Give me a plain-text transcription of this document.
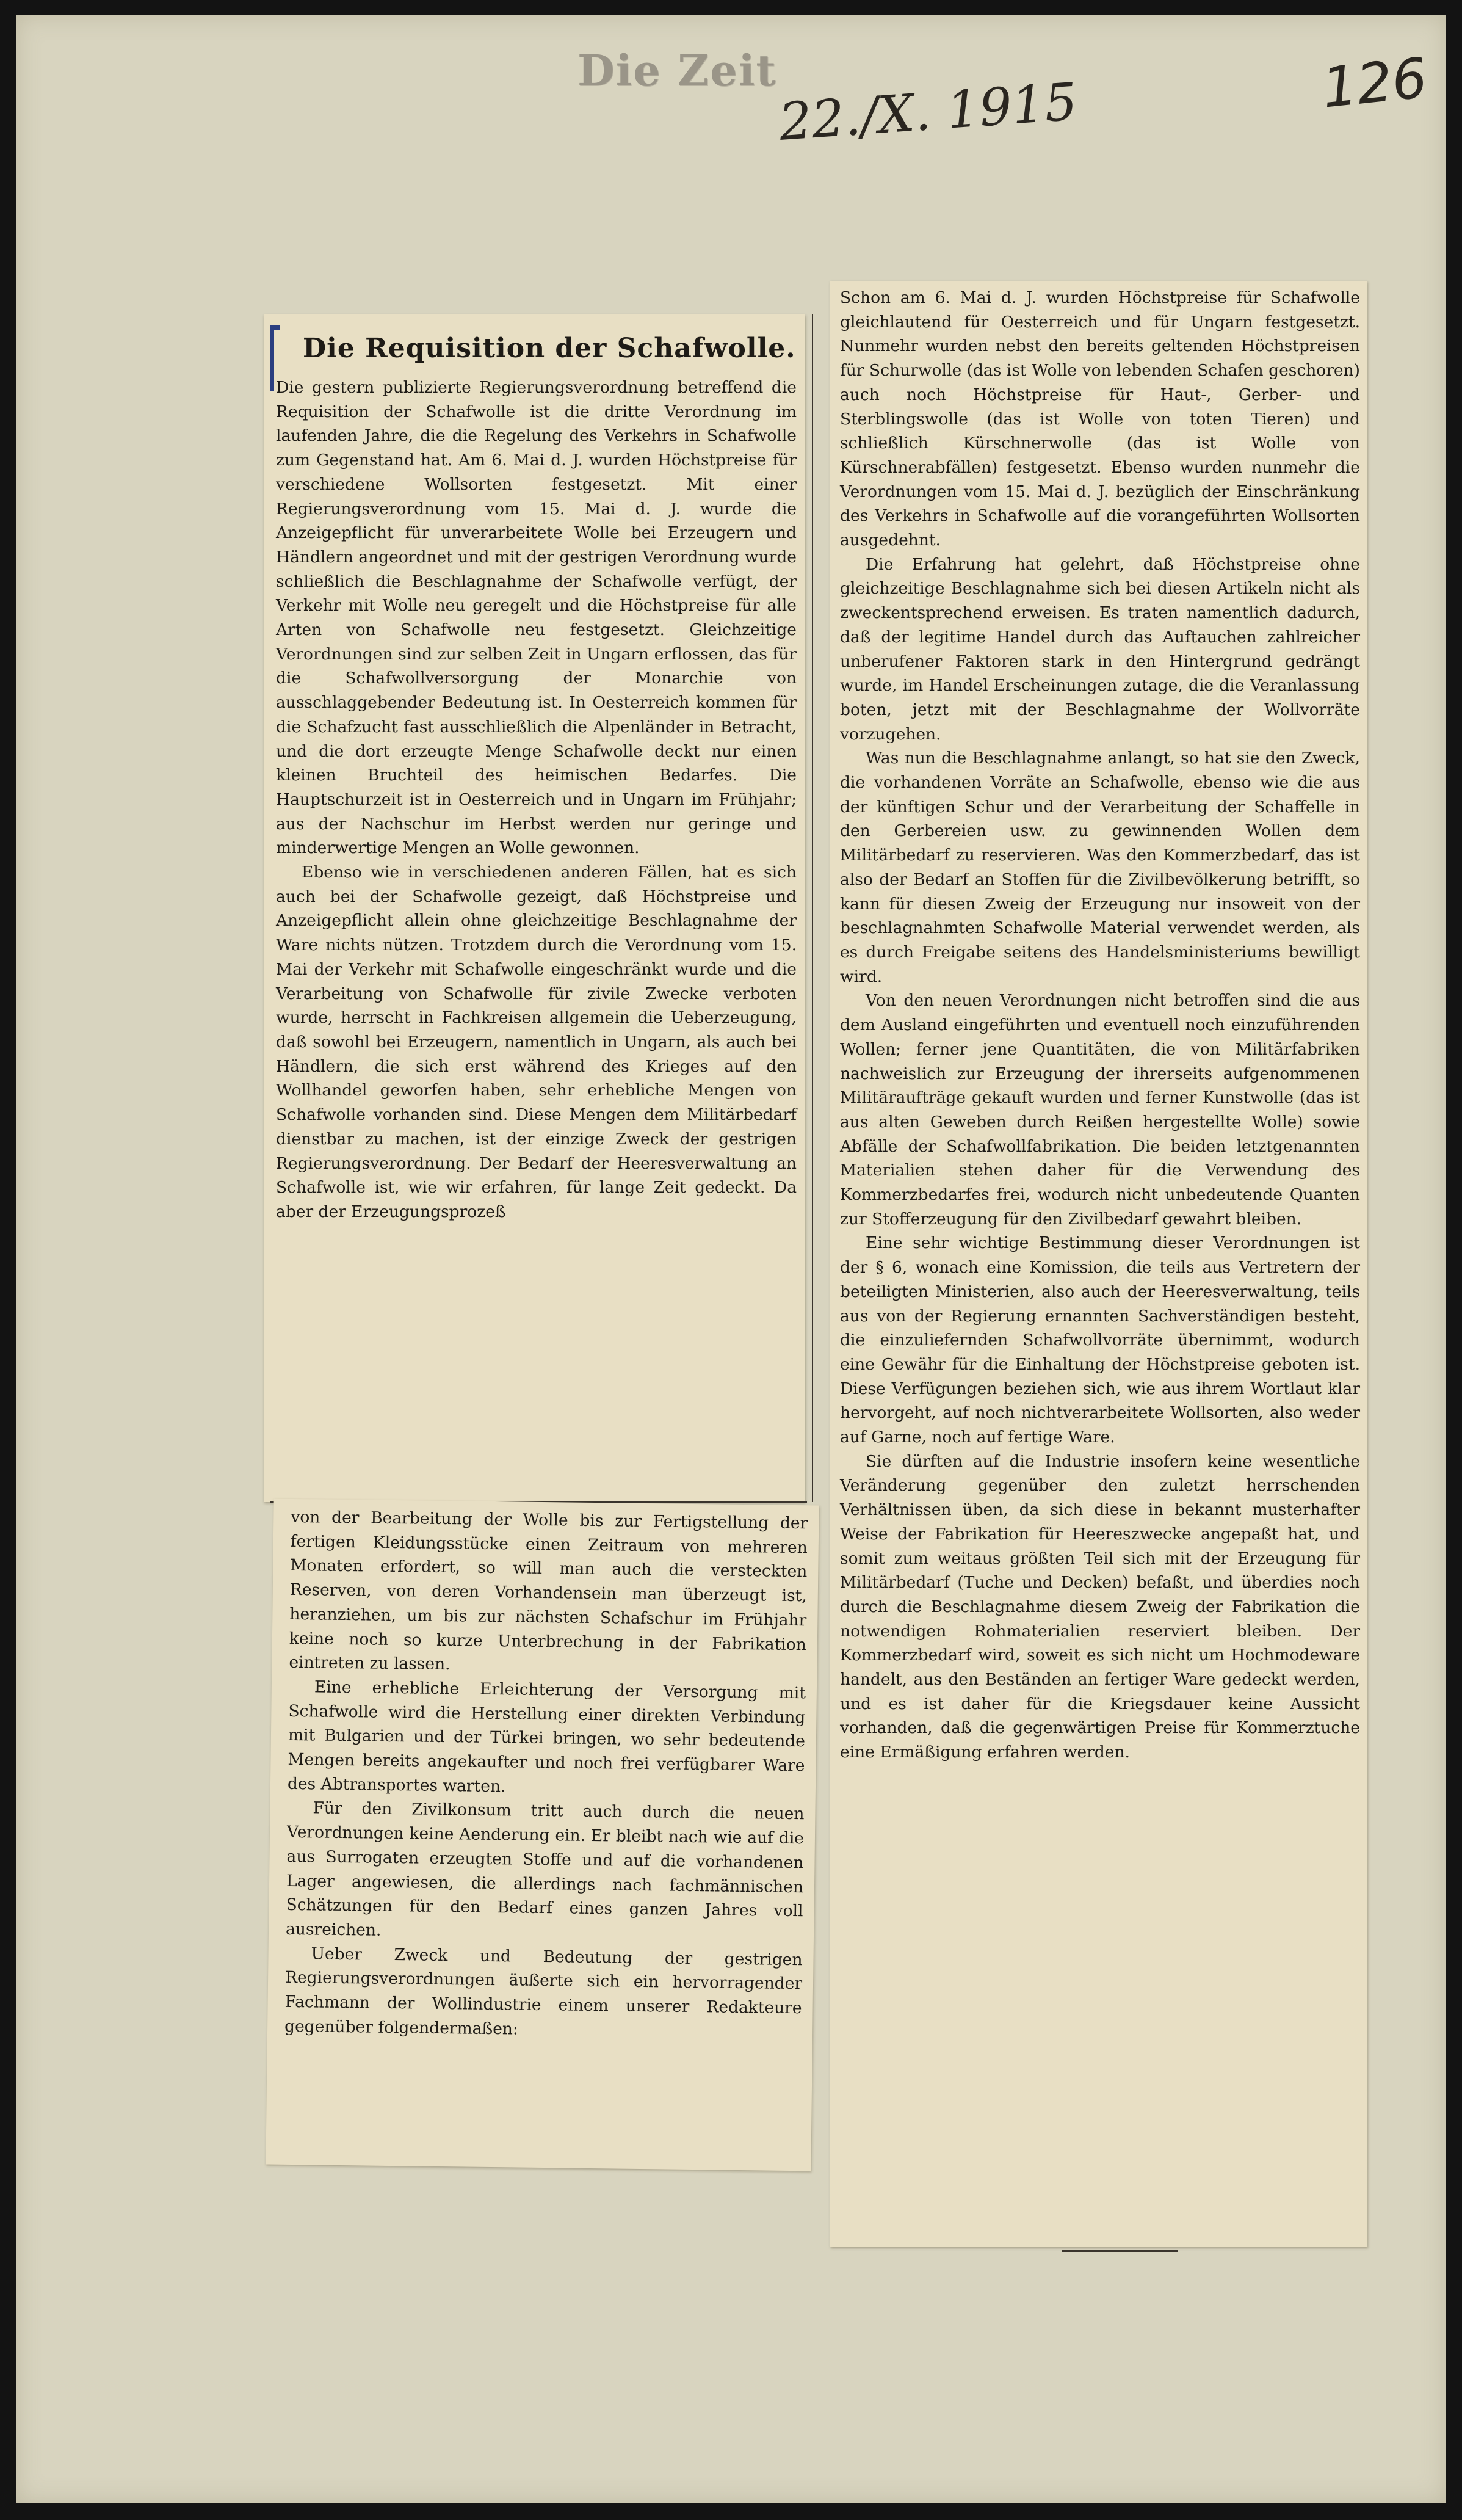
Die Zeit
22./X. 1915	126
Die Requisition der Schafwolle.

Die gestern publizierte Regierungsverordnung betreffend die Requisition der Schafwolle ist die dritte Verordnung im laufenden Jahre, die die Regelung des Verkehrs in Schafwolle zum Gegenstand hat. Am 6. Mai d. J. wurden Höchstpreise für verschiedene Wollsorten festgesetzt. Mit einer Regierungsverordnung vom 15. Mai d. J. wurde die Anzeigepflicht für unverarbeitete Wolle bei Erzeugern und Händlern angeordnet und mit der gestrigen Verordnung wurde schließlich die Beschlagnahme der Schafwolle verfügt, der Verkehr mit Wolle neu geregelt und die Höchstpreise für alle Arten von Schafwolle neu festgesetzt. Gleichzeitige Verordnungen sind zur selben Zeit in Ungarn erflossen, das für die Schafwollversorgung der Monarchie von ausschlaggebender Bedeutung ist. In Oesterreich kommen für die Schafzucht fast ausschließlich die Alpenländer in Betracht, und die dort erzeugte Menge Schafwolle deckt nur einen kleinen Bruchteil des heimischen Bedarfes. Die Hauptschurzeit ist in Oesterreich und in Ungarn im Frühjahr; aus der Nachschur im Herbst werden nur geringe und minderwertige Mengen an Wolle gewonnen.

Ebenso wie in verschiedenen anderen Fällen, hat es sich auch bei der Schafwolle gezeigt, daß Höchstpreise und Anzeigepflicht allein ohne gleichzeitige Beschlagnahme der Ware nichts nützen. Trotzdem durch die Verordnung vom 15. Mai der Verkehr mit Schafwolle eingeschränkt wurde und die Verarbeitung von Schafwolle für zivile Zwecke verboten wurde, herrscht in Fachkreisen allgemein die Ueberzeugung, daß sowohl bei Erzeugern, namentlich in Ungarn, als auch bei Händlern, die sich erst während des Krieges auf den Wollhandel geworfen haben, sehr erhebliche Mengen von Schafwolle vorhanden sind. Diese Mengen dem Militärbedarf dienstbar zu machen, ist der einzige Zweck der gestrigen Regierungsverordnung. Der Bedarf der Heeresverwaltung an Schafwolle ist, wie wir erfahren, für lange Zeit gedeckt. Da aber der Erzeugungsprozeß

von der Bearbeitung der Wolle bis zur Fertigstellung der fertigen Kleidungsstücke einen Zeitraum von mehreren Monaten erfordert, so will man auch die versteckten Reserven, von deren Vorhandensein man überzeugt ist, heranziehen, um bis zur nächsten Schafschur im Frühjahr keine noch so kurze Unterbrechung in der Fabrikation eintreten zu lassen.

Eine erhebliche Erleichterung der Versorgung mit Schafwolle wird die Herstellung einer direkten Verbindung mit Bulgarien und der Türkei bringen, wo sehr bedeutende Mengen bereits angekaufter und noch frei verfügbarer Ware des Abtransportes warten.

Für den Zivilkonsum tritt auch durch die neuen Verordnungen keine Aenderung ein. Er bleibt nach wie auf die aus Surrogaten erzeugten Stoffe und auf die vorhandenen Lager angewiesen, die allerdings nach fachmännischen Schätzungen für den Bedarf eines ganzen Jahres voll ausreichen.

Ueber Zweck und Bedeutung der gestrigen Regierungsverordnungen äußerte sich ein hervorragender Fachmann der Wollindustrie einem unserer Redakteure gegenüber folgendermaßen:

Schon am 6. Mai d. J. wurden Höchstpreise für Schafwolle gleichlautend für Oesterreich und für Ungarn festgesetzt. Nunmehr wurden nebst den bereits geltenden Höchstpreisen für Schurwolle (das ist Wolle von lebenden Schafen geschoren) auch noch Höchstpreise für Haut-, Gerber- und Sterblingswolle (das ist Wolle von toten Tieren) und schließlich Kürschnerwolle (das ist Wolle von Kürschnerabfällen) festgesetzt. Ebenso wurden nunmehr die Verordnungen vom 15. Mai d. J. bezüglich der Einschränkung des Verkehrs in Schafwolle auf die vorangeführten Wollsorten ausgedehnt.

Die Erfahrung hat gelehrt, daß Höchstpreise ohne gleichzeitige Beschlagnahme sich bei diesen Artikeln nicht als zweckentsprechend erweisen. Es traten namentlich dadurch, daß der legitime Handel durch das Auftauchen zahlreicher unberufener Faktoren stark in den Hintergrund gedrängt wurde, im Handel Erscheinungen zutage, die die Veranlassung boten, jetzt mit der Beschlagnahme der Wollvorräte vorzugehen.

Was nun die Beschlagnahme anlangt, so hat sie den Zweck, die vorhandenen Vorräte an Schafwolle, ebenso wie die aus der künftigen Schur und der Verarbeitung der Schaffelle in den Gerbereien usw. zu gewinnenden Wollen dem Militärbedarf zu reservieren. Was den Kommerzbedarf, das ist also der Bedarf an Stoffen für die Zivilbevölkerung betrifft, so kann für diesen Zweig der Erzeugung nur insoweit von der beschlagnahmten Schafwolle Material verwendet werden, als es durch Freigabe seitens des Handelsministeriums bewilligt wird.

Von den neuen Verordnungen nicht betroffen sind die aus dem Ausland eingeführten und eventuell noch einzuführenden Wollen; ferner jene Quantitäten, die von Militärfabriken nachweislich zur Erzeugung der ihrerseits aufgenommenen Militäraufträge gekauft wurden und ferner Kunstwolle (das ist aus alten Geweben durch Reißen hergestellte Wolle) sowie Abfälle der Schafwollfabrikation. Die beiden letztgenannten Materialien stehen daher für die Verwendung des Kommerzbedarfes frei, wodurch nicht unbedeutende Quanten zur Stofferzeugung für den Zivilbedarf gewahrt bleiben.

Eine sehr wichtige Bestimmung dieser Verordnungen ist der § 6, wonach eine Komission, die teils aus Vertretern der beteiligten Ministerien, also auch der Heeresverwaltung, teils aus von der Regierung ernannten Sachverständigen besteht, die einzuliefernden Schafwollvorräte übernimmt, wodurch eine Gewähr für die Einhaltung der Höchstpreise geboten ist. Diese Verfügungen beziehen sich, wie aus ihrem Wortlaut klar hervorgeht, auf noch nichtverarbeitete Wollsorten, also weder auf Garne, noch auf fertige Ware.

Sie dürften auf die Industrie insofern keine wesentliche Veränderung gegenüber den zuletzt herrschenden Verhältnissen üben, da sich diese in bekannt musterhafter Weise der Fabrikation für Heereszwecke angepaßt hat, und somit zum weitaus größten Teil sich mit der Erzeugung für Militärbedarf (Tuche und Decken) befaßt, und überdies noch durch die Beschlagnahme diesem Zweig der Fabrikation die notwendigen Rohmaterialien reserviert bleiben. Der Kommerzbedarf wird, soweit es sich nicht um Hochmodeware handelt, aus den Beständen an fertiger Ware gedeckt werden, und es ist daher für die Kriegsdauer keine Aussicht vorhanden, daß die gegenwärtigen Preise für Kommerztuche eine Ermäßigung erfahren werden.
